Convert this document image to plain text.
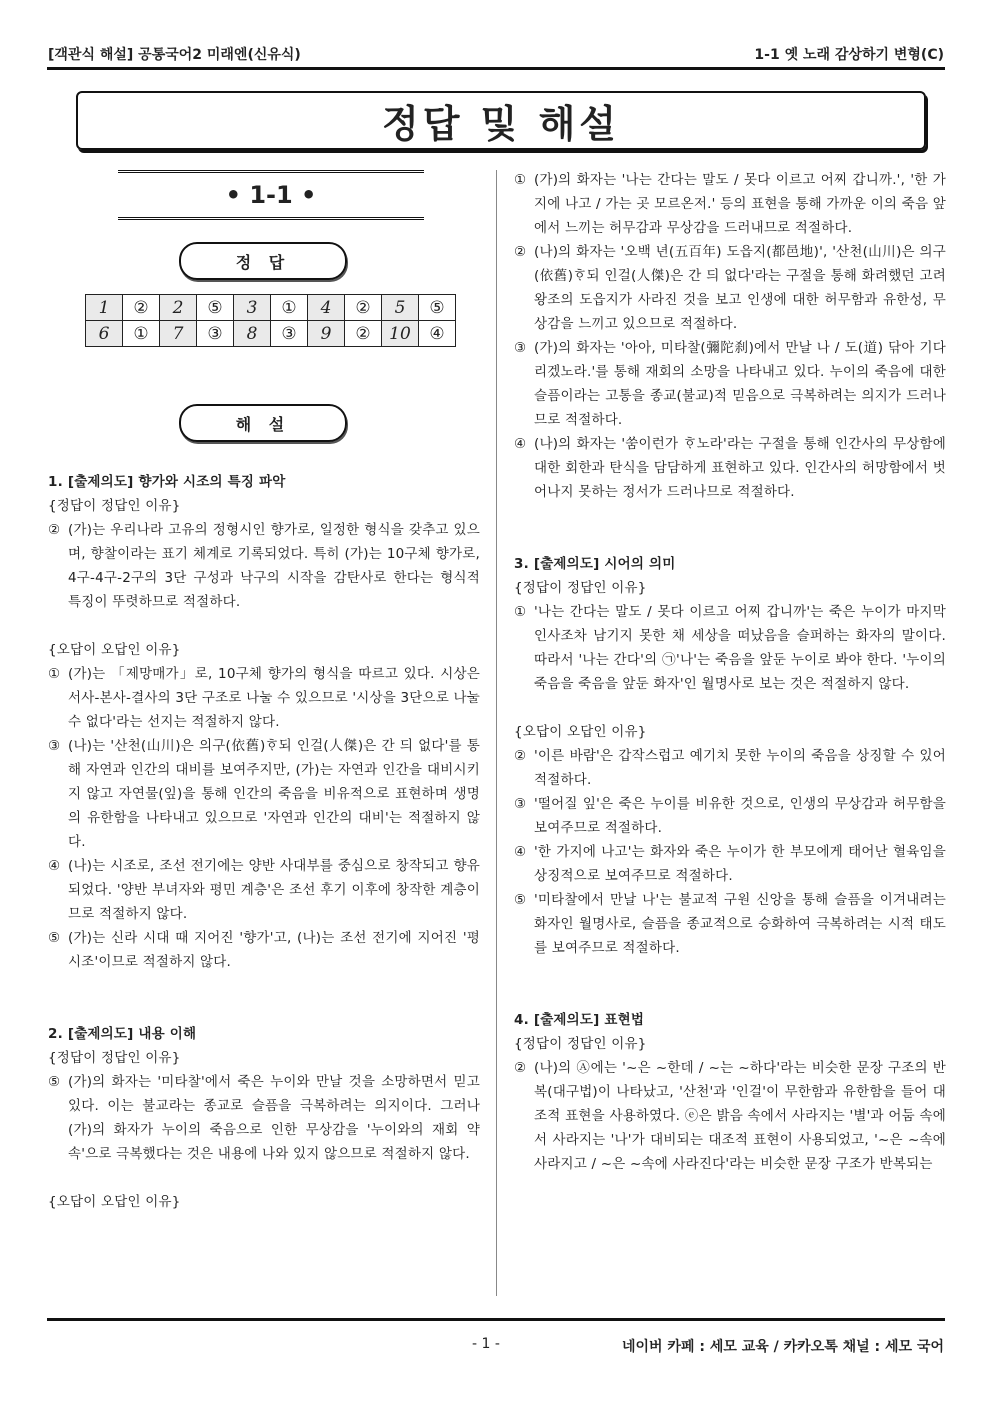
[객관식 해설] 공통국어2 미래엔(신유식)	1-1 옛 노래 감상하기 변형(C)
정답 및 해설
• 1-1 •
정 답
1	②	2	⑤	3	①	4	②	5	⑤
6	①	7	③	8	③	9	②	10	④
해 설

1. [출제의도] 향가와 시조의 특징 파악

{정답이 정답인 이유}

② (가)는 우리나라 고유의 정형시인 향가로, 일정한 형식을 갖추고 있으며, 향찰이라는 표기 체계로 기록되었다. 특히 (가)는 10구체 향가로, 4구-4구-2구의 3단 구성과 낙구의 시작을 감탄사로 한다는 형식적 특징이 뚜렷하므로 적절하다.

{오답이 오답인 이유}

① (가)는 「제망매가」로, 10구체 향가의 형식을 따르고 있다. 시상은 서사-본사-결사의 3단 구조로 나눌 수 있으므로 '시상을 3단으로 나눌 수 없다'라는 선지는 적절하지 않다.
③ (나)는 '산천(山川)은 의구(依舊)ᄒᆞ되 인걸(人傑)은 간 듸 없다'를 통해 자연과 인간의 대비를 보여주지만, (가)는 자연과 인간을 대비시키지 않고 자연물(잎)을 통해 인간의 죽음을 비유적으로 표현하며 생명의 유한함을 나타내고 있으므로 '자연과 인간의 대비'는 적절하지 않다.
④ (나)는 시조로, 조선 전기에는 양반 사대부를 중심으로 창작되고 향유되었다. '양반 부녀자와 평민 계층'은 조선 후기 이후에 창작한 계층이므로 적절하지 않다.
⑤ (가)는 신라 시대 때 지어진 '향가'고, (나)는 조선 전기에 지어진 '평시조'이므로 적절하지 않다.

2. [출제의도] 내용 이해

{정답이 정답인 이유}

⑤ (가)의 화자는 '미타찰'에서 죽은 누이와 만날 것을 소망하면서 믿고 있다. 이는 불교라는 종교로 슬픔을 극복하려는 의지이다. 그러나 (가)의 화자가 누이의 죽음으로 인한 무상감을 '누이와의 재회 약속'으로 극복했다는 것은 내용에 나와 있지 않으므로 적절하지 않다.

{오답이 오답인 이유}

① (가)의 화자는 '나는 간다는 말도 / 못다 이르고 어찌 갑니까.', '한 가지에 나고 / 가는 곳 모르온저.' 등의 표현을 통해 가까운 이의 죽음 앞에서 느끼는 허무감과 무상감을 드러내므로 적절하다.
② (나)의 화자는 '오백 년(五百年) 도읍지(都邑地)', '산천(山川)은 의구(依舊)ᄒᆞ되 인걸(人傑)은 간 듸 없다'라는 구절을 통해 화려했던 고려 왕조의 도읍지가 사라진 것을 보고 인생에 대한 허무함과 유한성, 무상감을 느끼고 있으므로 적절하다.
③ (가)의 화자는 '아아, 미타찰(彌陀刹)에서 만날 나 / 도(道) 닦아 기다리겠노라.'를 통해 재회의 소망을 나타내고 있다. 누이의 죽음에 대한 슬픔이라는 고통을 종교(불교)적 믿음으로 극복하려는 의지가 드러나므로 적절하다.
④ (나)의 화자는 '쑴이런가 ᄒᆞ노라'라는 구절을 통해 인간사의 무상함에 대한 회한과 탄식을 담담하게 표현하고 있다. 인간사의 허망함에서 벗어나지 못하는 정서가 드러나므로 적절하다.

3. [출제의도] 시어의 의미

{정답이 정답인 이유}

① '나는 간다는 말도 / 못다 이르고 어찌 갑니까'는 죽은 누이가 마지막 인사조차 남기지 못한 채 세상을 떠났음을 슬퍼하는 화자의 말이다. 따라서 '나는 간다'의 ㉠'나'는 죽음을 앞둔 누이로 봐야 한다. '누이의 죽음을 죽음을 앞둔 화자'인 월명사로 보는 것은 적절하지 않다.

{오답이 오답인 이유}

② '이른 바람'은 갑작스럽고 예기치 못한 누이의 죽음을 상징할 수 있어 적절하다.
③ '떨어질 잎'은 죽은 누이를 비유한 것으로, 인생의 무상감과 허무함을 보여주므로 적절하다.
④ '한 가지에 나고'는 화자와 죽은 누이가 한 부모에게 태어난 혈육임을 상징적으로 보여주므로 적절하다.
⑤ '미타찰에서 만날 나'는 불교적 구원 신앙을 통해 슬픔을 이겨내려는 화자인 월명사로, 슬픔을 종교적으로 승화하여 극복하려는 시적 태도를 보여주므로 적절하다.

4. [출제의도] 표현법

{정답이 정답인 이유}

② (나)의 Ⓐ에는 '~은 ~한데 / ~는 ~하다'라는 비슷한 문장 구조의 반복(대구법)이 나타났고, '산천'과 '인걸'이 무한함과 유한함을 들어 대조적 표현을 사용하였다. ⓔ은 밝음 속에서 사라지는 '별'과 어둠 속에서 사라지는 '나'가 대비되는 대조적 표현이 사용되었고, '~은 ~속에 사라지고 / ~은 ~속에 사라진다'라는 비슷한 문장 구조가 반복되는
- 1 -	네이버 카페 : 세모 교육 / 카카오톡 채널 : 세모 국어
